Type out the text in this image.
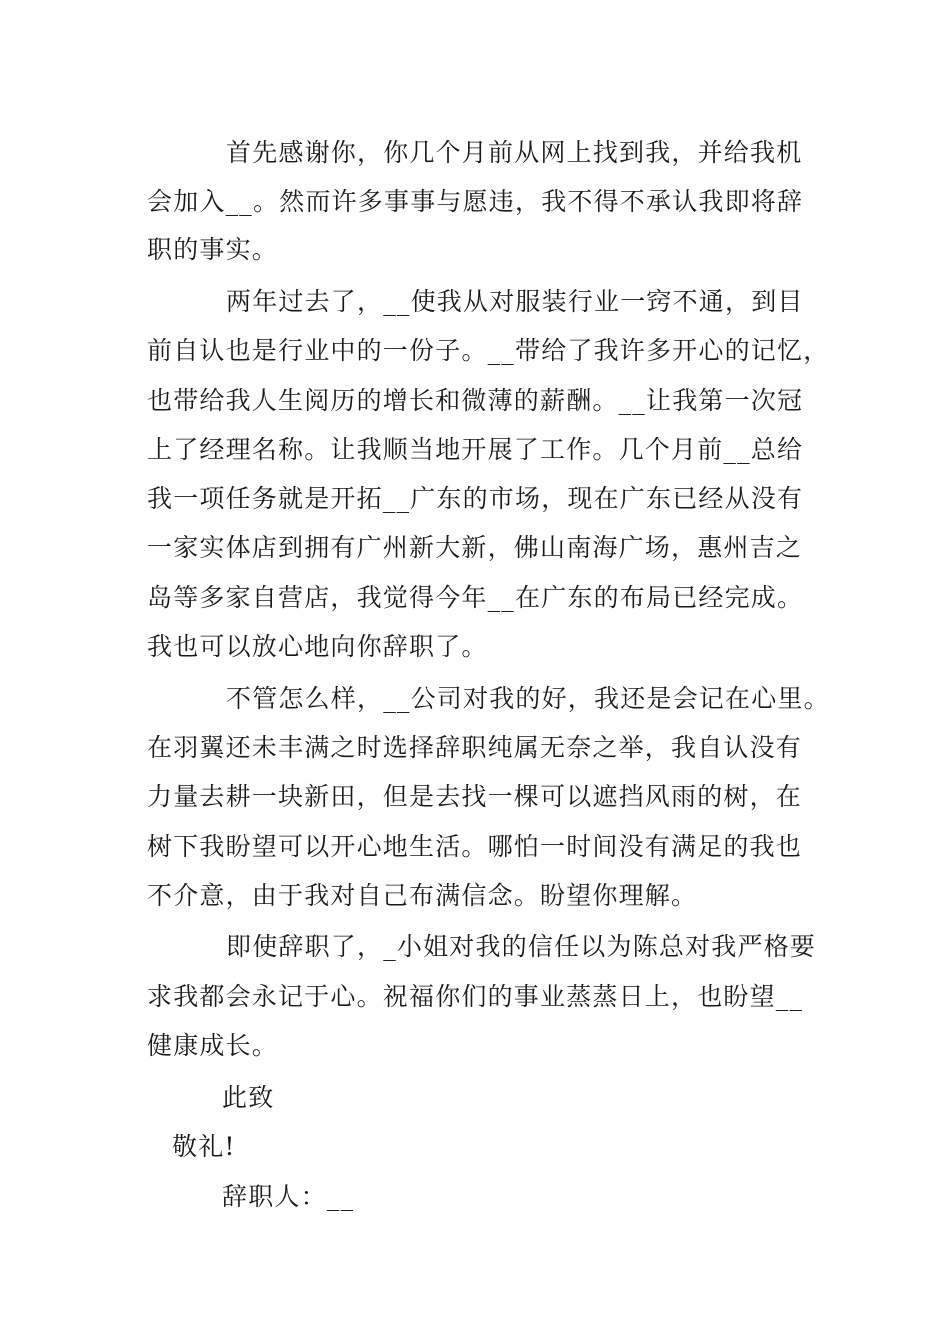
首先感谢你，你几个月前从网上找到我，并给我机
会加入__。然而许多事事与愿违，我不得不承认我即将辞
职的事实。
两年过去了，__使我从对服装行业一窍不通，到目
前自认也是行业中的一份子。__带给了我许多开心的记忆，
也带给我人生阅历的增长和微薄的薪酬。__让我第一次冠
上了经理名称。让我顺当地开展了工作。几个月前__总给
我一项任务就是开拓__广东的市场，现在广东已经从没有
一家实体店到拥有广州新大新，佛山南海广场，惠州吉之
岛等多家自营店，我觉得今年__在广东的布局已经完成。
我也可以放心地向你辞职了。
不管怎么样，__公司对我的好，我还是会记在心里。
在羽翼还未丰满之时选择辞职纯属无奈之举，我自认没有
力量去耕一块新田，但是去找一棵可以遮挡风雨的树，在
树下我盼望可以开心地生活。哪怕一时间没有满足的我也
不介意，由于我对自己布满信念。盼望你理解。
即使辞职了，_小姐对我的信任以为陈总对我严格要
求我都会永记于心。祝福你们的事业蒸蒸日上，也盼望__
健康成长。
此致
敬礼!
辞职人：__
